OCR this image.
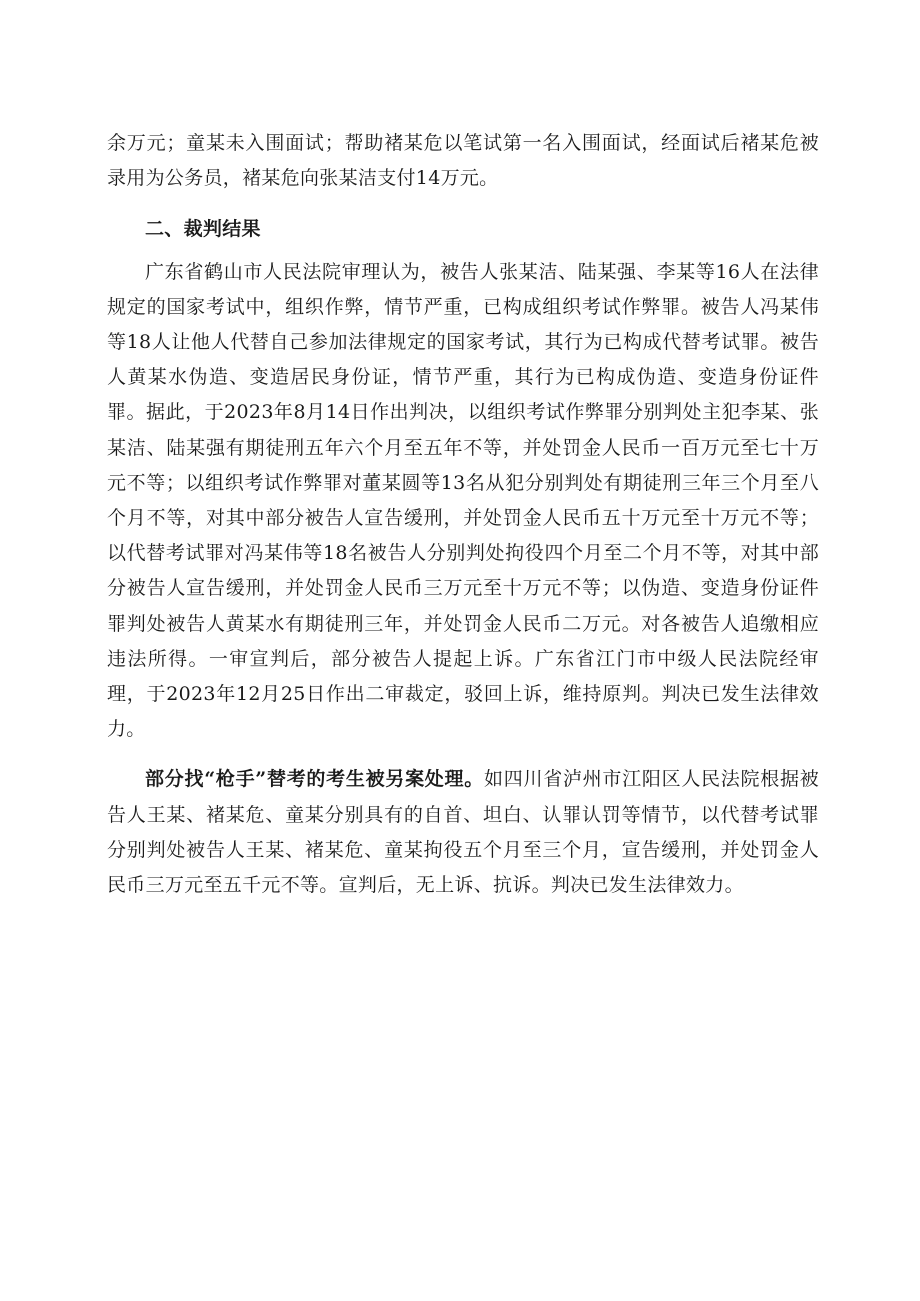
余万元；童某未入围面试；帮助褚某危以笔试第一名入围面试，经面试后褚某危被录用为公务员，褚某危向张某洁支付14万元。

二、裁判结果

广东省鹤山市人民法院审理认为，被告人张某洁、陆某强、李某等16人在法律规定的国家考试中，组织作弊，情节严重，已构成组织考试作弊罪。被告人冯某伟等18人让他人代替自己参加法律规定的国家考试，其行为已构成代替考试罪。被告人黄某水伪造、变造居民身份证，情节严重，其行为已构成伪造、变造身份证件罪。据此，于2023年8月14日作出判决，以组织考试作弊罪分别判处主犯李某、张某洁、陆某强有期徒刑五年六个月至五年不等，并处罚金人民币一百万元至七十万元不等；以组织考试作弊罪对董某圆等13名从犯分别判处有期徒刑三年三个月至八个月不等，对其中部分被告人宣告缓刑，并处罚金人民币五十万元至十万元不等；以代替考试罪对冯某伟等18名被告人分别判处拘役四个月至二个月不等，对其中部分被告人宣告缓刑，并处罚金人民币三万元至十万元不等；以伪造、变造身份证件罪判处被告人黄某水有期徒刑三年，并处罚金人民币二万元。对各被告人追缴相应违法所得。一审宣判后，部分被告人提起上诉。广东省江门市中级人民法院经审理，于2023年12月25日作出二审裁定，驳回上诉，维持原判。判决已发生法律效力。

部分找“枪手”替考的考生被另案处理。如四川省泸州市江阳区人民法院根据被告人王某、褚某危、童某分别具有的自首、坦白、认罪认罚等情节，以代替考试罪分别判处被告人王某、褚某危、童某拘役五个月至三个月，宣告缓刑，并处罚金人民币三万元至五千元不等。宣判后，无上诉、抗诉。判决已发生法律效力。
